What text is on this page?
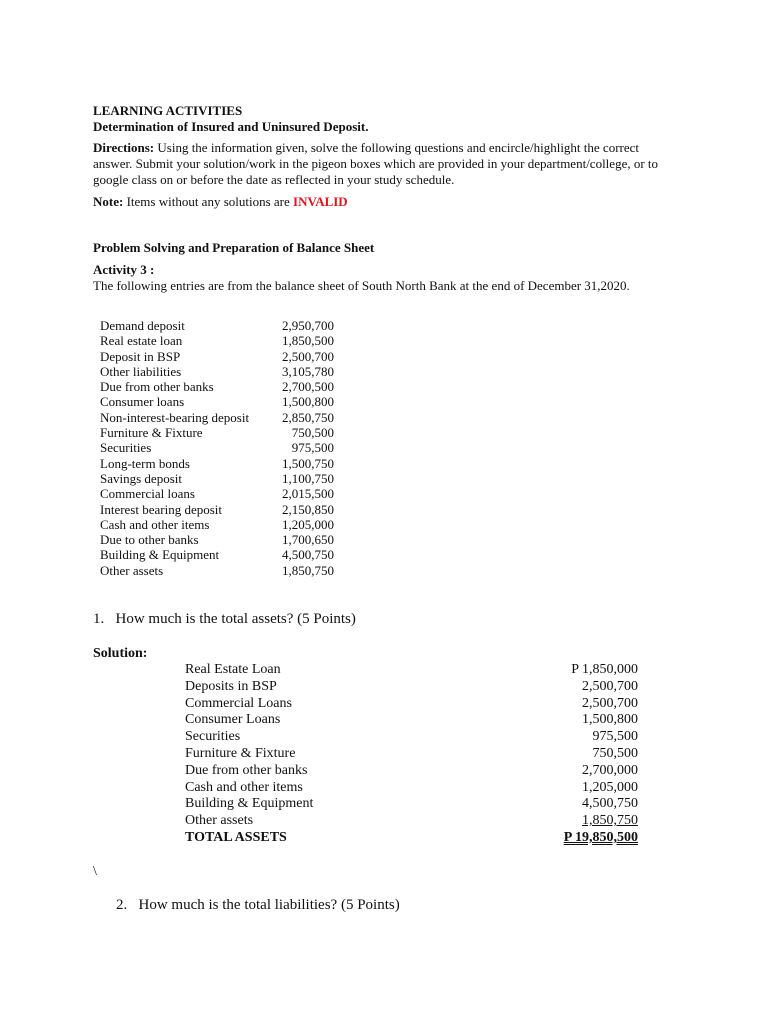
LEARNING ACTIVITIES
Determination of Insured and Uninsured Deposit.
Directions: Using the information given, solve the following questions and encircle/highlight the correct answer. Submit your solution/work in the pigeon boxes which are provided in your department/college, or to google class on or before the date as reflected in your study schedule.
Note: Items without any solutions are INVALID
Problem Solving and Preparation of Balance Sheet
Activity 3 :
The following entries are from the balance sheet of South North Bank at the end of December 31,2020.
Demand deposit	2,950,700
Real estate loan	1,850,500
Deposit in BSP	2,500,700
Other liabilities	3,105,780
Due from other banks	2,700,500
Consumer loans	1,500,800
Non-interest-bearing deposit	2,850,750
Furniture & Fixture	750,500
Securities	975,500
Long-term bonds	1,500,750
Savings deposit	1,100,750
Commercial loans	2,015,500
Interest bearing deposit	2,150,850
Cash and other items	1,205,000
Due to other banks	1,700,650
Building & Equipment	4,500,750
Other assets	1,850,750
1. How much is the total assets? (5 Points)
Solution:
Real Estate Loan	P 1,850,000
Deposits in BSP	2,500,700
Commercial Loans	2,500,700
Consumer Loans	1,500,800
Securities	975,500
Furniture & Fixture	750,500
Due from other banks	2,700,000
Cash and other items	1,205,000
Building & Equipment	4,500,750
Other assets	1,850,750
TOTAL ASSETS	P 19,850,500
\
2. How much is the total liabilities? (5 Points)
